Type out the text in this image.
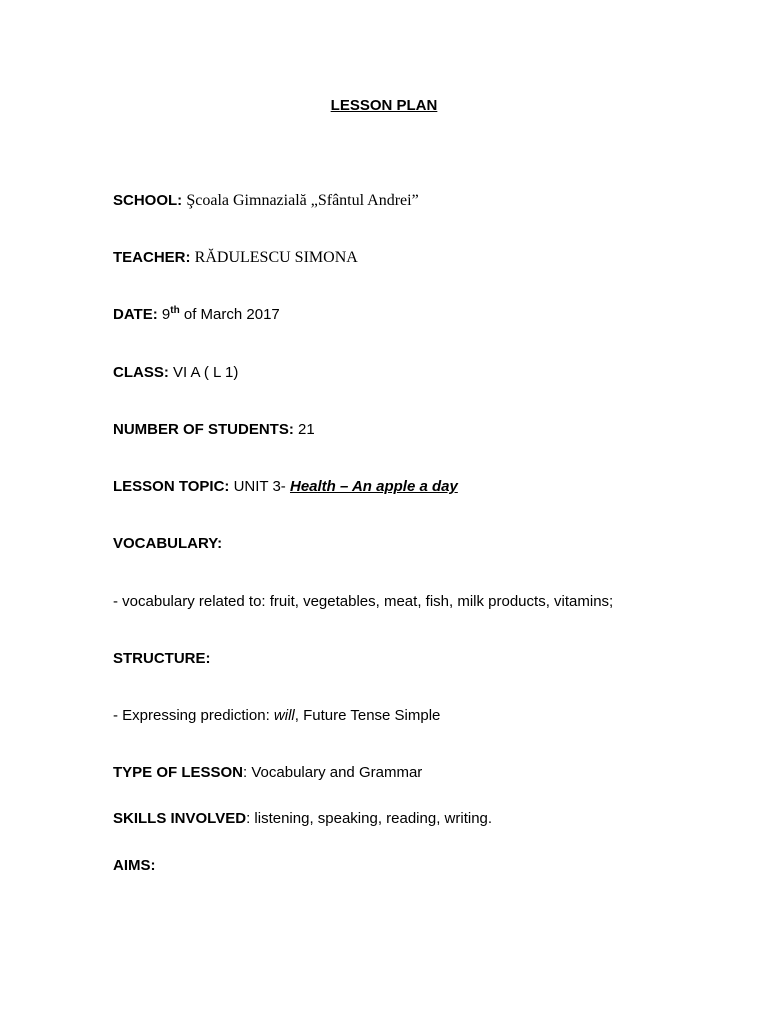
LESSON PLAN
SCHOOL: Şcoala Gimnazială „Sfântul Andrei”
TEACHER: RĂDULESCU SIMONA
DATE: 9th of March 2017
CLASS: VI A ( L 1)
NUMBER OF STUDENTS: 21
LESSON TOPIC: UNIT 3- Health – An apple a day
VOCABULARY:
- vocabulary related to: fruit, vegetables, meat, fish, milk products, vitamins;
STRUCTURE:
- Expressing prediction: will, Future Tense Simple
TYPE OF LESSON: Vocabulary and Grammar
SKILLS INVOLVED: listening, speaking, reading, writing.
AIMS:
